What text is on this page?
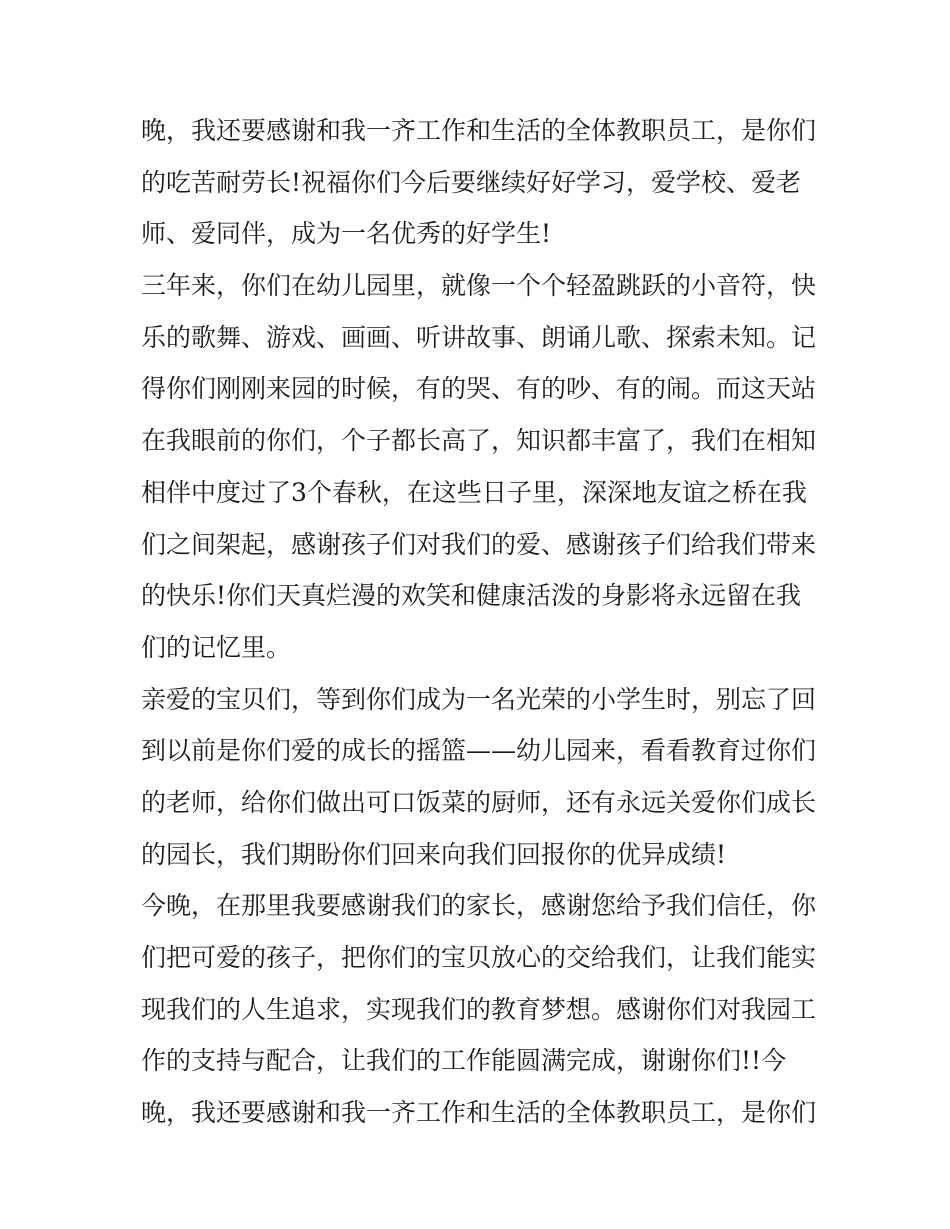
晚，我还要感谢和我一齐工作和生活的全体教职员工，是你们
的吃苦耐劳长!祝福你们今后要继续好好学习，爱学校、爱老
师、爱同伴，成为一名优秀的好学生!
三年来，你们在幼儿园里，就像一个个轻盈跳跃的小音符，快
乐的歌舞、游戏、画画、听讲故事、朗诵儿歌、探索未知。记
得你们刚刚来园的时候，有的哭、有的吵、有的闹。而这天站
在我眼前的你们，个子都长高了，知识都丰富了，我们在相知
相伴中度过了3个春秋，在这些日子里，深深地友谊之桥在我
们之间架起，感谢孩子们对我们的爱、感谢孩子们给我们带来
的快乐!你们天真烂漫的欢笑和健康活泼的身影将永远留在我
们的记忆里。
亲爱的宝贝们，等到你们成为一名光荣的小学生时，别忘了回
到以前是你们爱的成长的摇篮——幼儿园来，看看教育过你们
的老师，给你们做出可口饭菜的厨师，还有永远关爱你们成长
的园长，我们期盼你们回来向我们回报你的优异成绩!
今晚，在那里我要感谢我们的家长，感谢您给予我们信任，你
们把可爱的孩子，把你们的宝贝放心的交给我们，让我们能实
现我们的人生追求，实现我们的教育梦想。感谢你们对我园工
作的支持与配合，让我们的工作能圆满完成，谢谢你们!!今
晚，我还要感谢和我一齐工作和生活的全体教职员工，是你们
